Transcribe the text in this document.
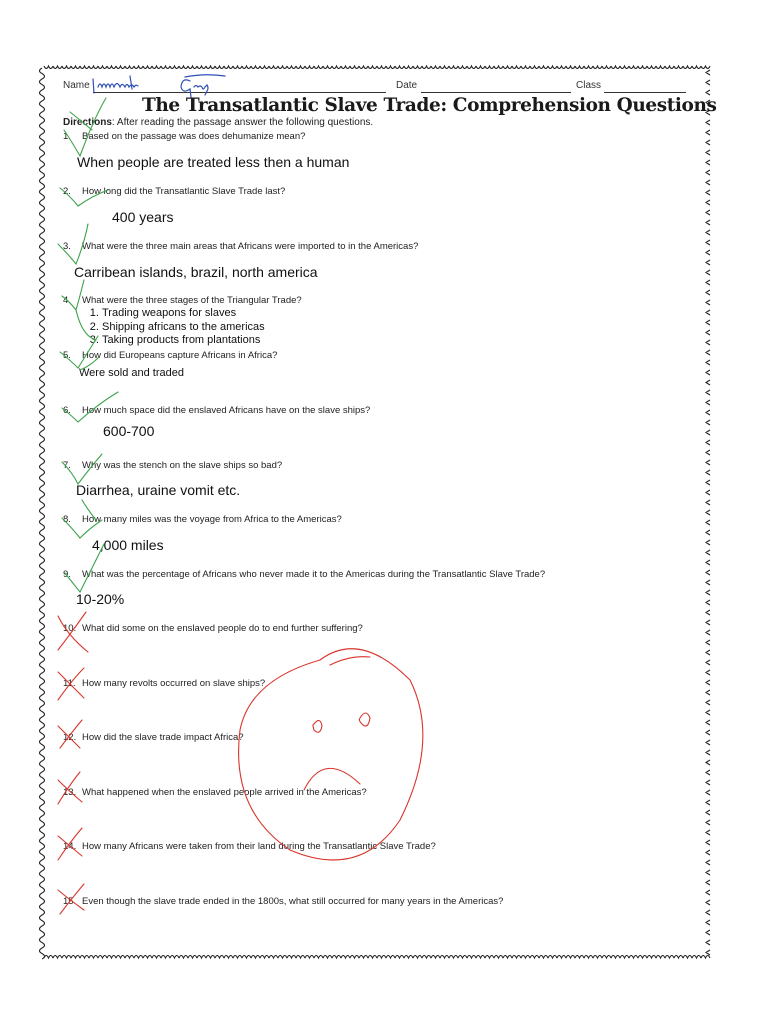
Name	Date	Class
The Transatlantic Slave Trade: Comprehension Questions
Directions: After reading the passage answer the following questions.
1. Based on the passage was does dehumanize mean?
When people are treated less then a human
2. How long did the Transatlantic Slave Trade last?
400 years
3. What were the three main areas that Africans were imported to in the Americas?
Carribean islands, brazil, north america
4. What were the three stages of the Triangular Trade?
1. Trading weapons for slaves
2. Shipping africans to the americas
3. Taking products from plantations
5. How did Europeans capture Africans in Africa?
Were sold and traded
6. How much space did the enslaved Africans have on the slave ships?
600-700
7. Why was the stench on the slave ships so bad?
Diarrhea, uraine vomit etc.
8. How many miles was the voyage from Africa to the Americas?
4,000 miles
9. What was the percentage of Africans who never made it to the Americas during the Transatlantic Slave Trade?
10-20%
10. What did some on the enslaved people do to end further suffering?
11. How many revolts occurred on slave ships?
12. How did the slave trade impact Africa?
13. What happened when the enslaved people arrived in the Americas?
14. How many Africans were taken from their land during the Transatlantic Slave Trade?
15. Even though the slave trade ended in the 1800s, what still occurred for many years in the Americas?
